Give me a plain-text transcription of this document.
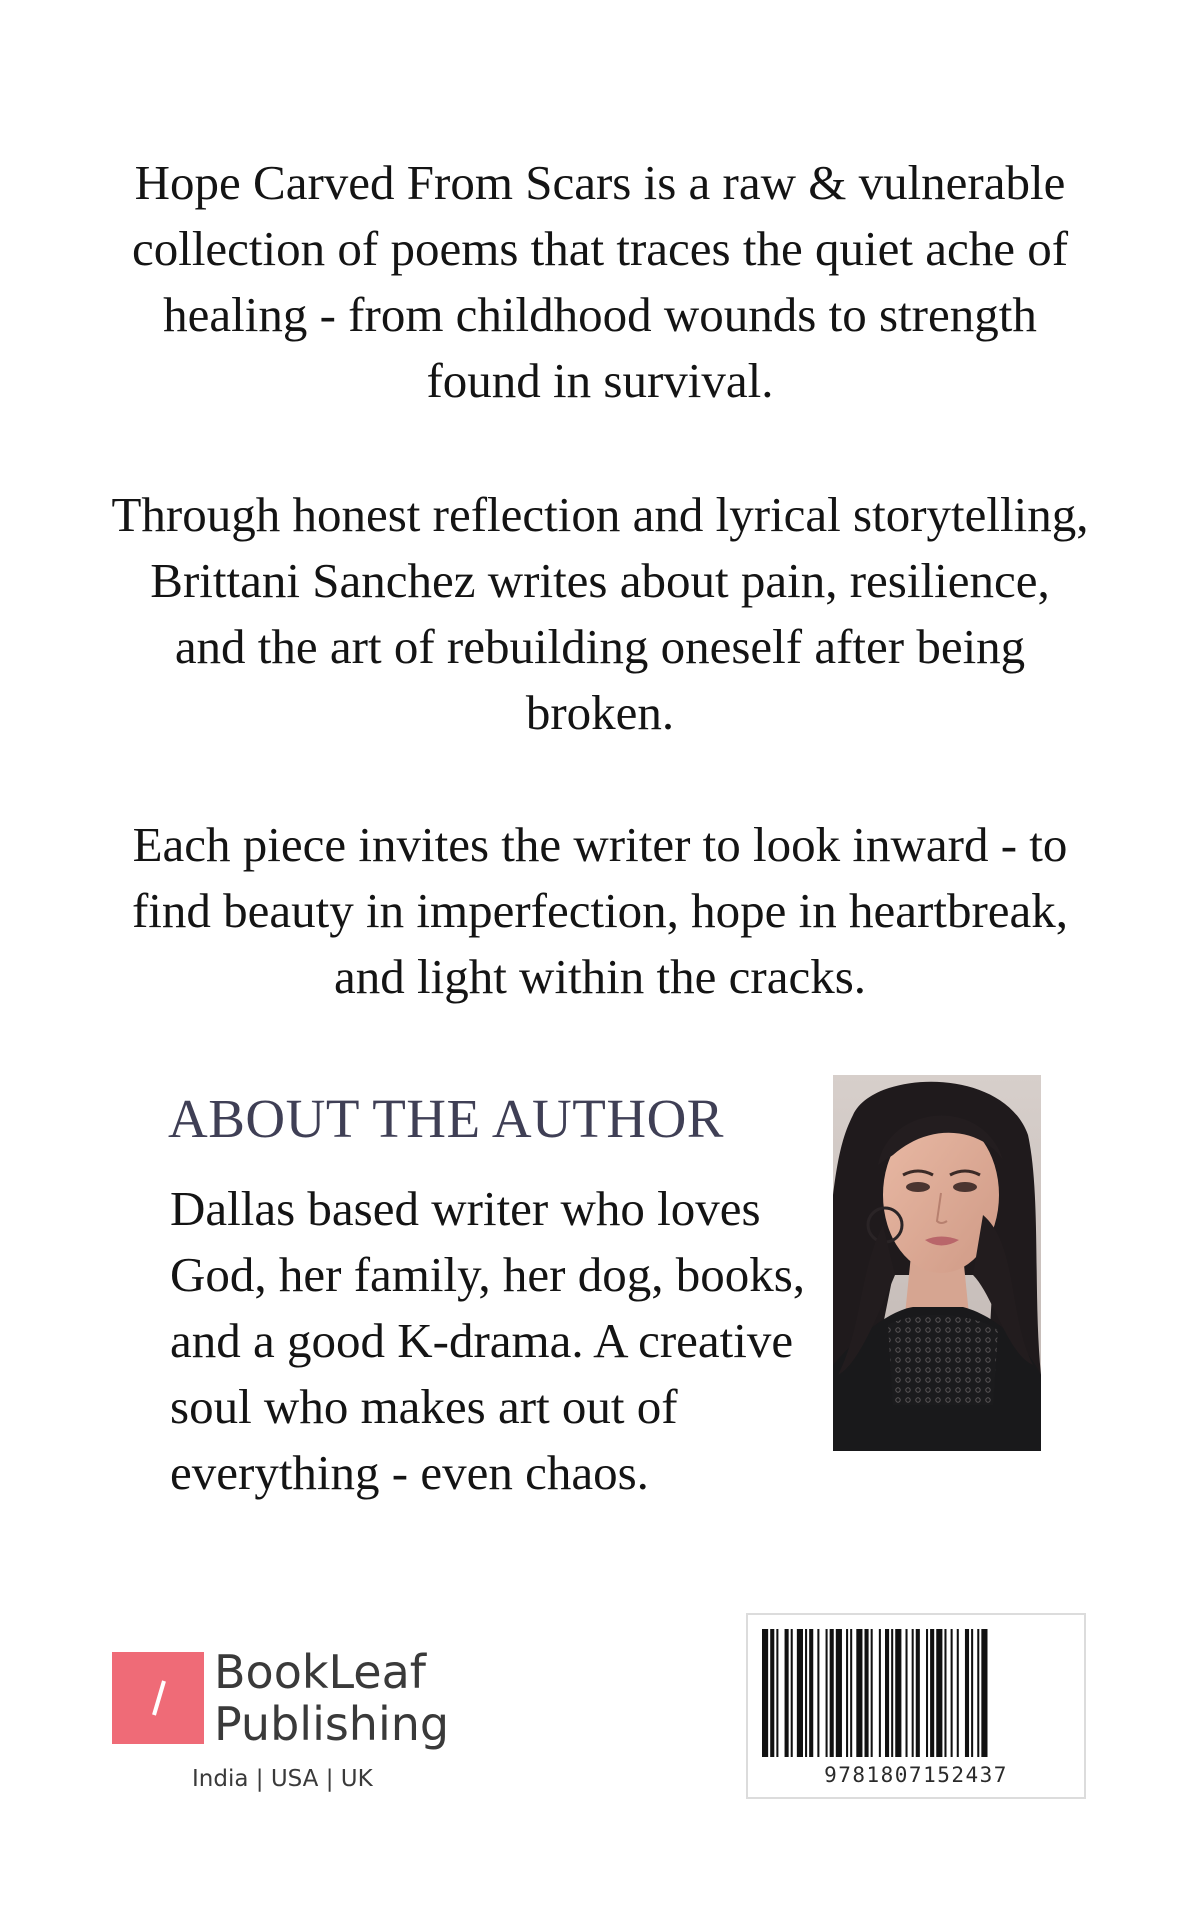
Hope Carved From Scars is a raw & vulnerable collection of poems that traces the quiet ache of healing - from childhood wounds to strength found in survival.

Through honest reflection and lyrical storytelling, Brittani Sanchez writes about pain, resilience, and the art of rebuilding oneself after being broken.

Each piece invites the writer to look inward - to find beauty in imperfection, hope in heartbreak, and light within the cracks.

ABOUT THE AUTHOR

Dallas based writer who loves God, her family, her dog, books, and a good K-drama. A creative soul who makes art out of everything - even chaos.

BookLeaf
Publishing

India | USA | UK	9781807152437
